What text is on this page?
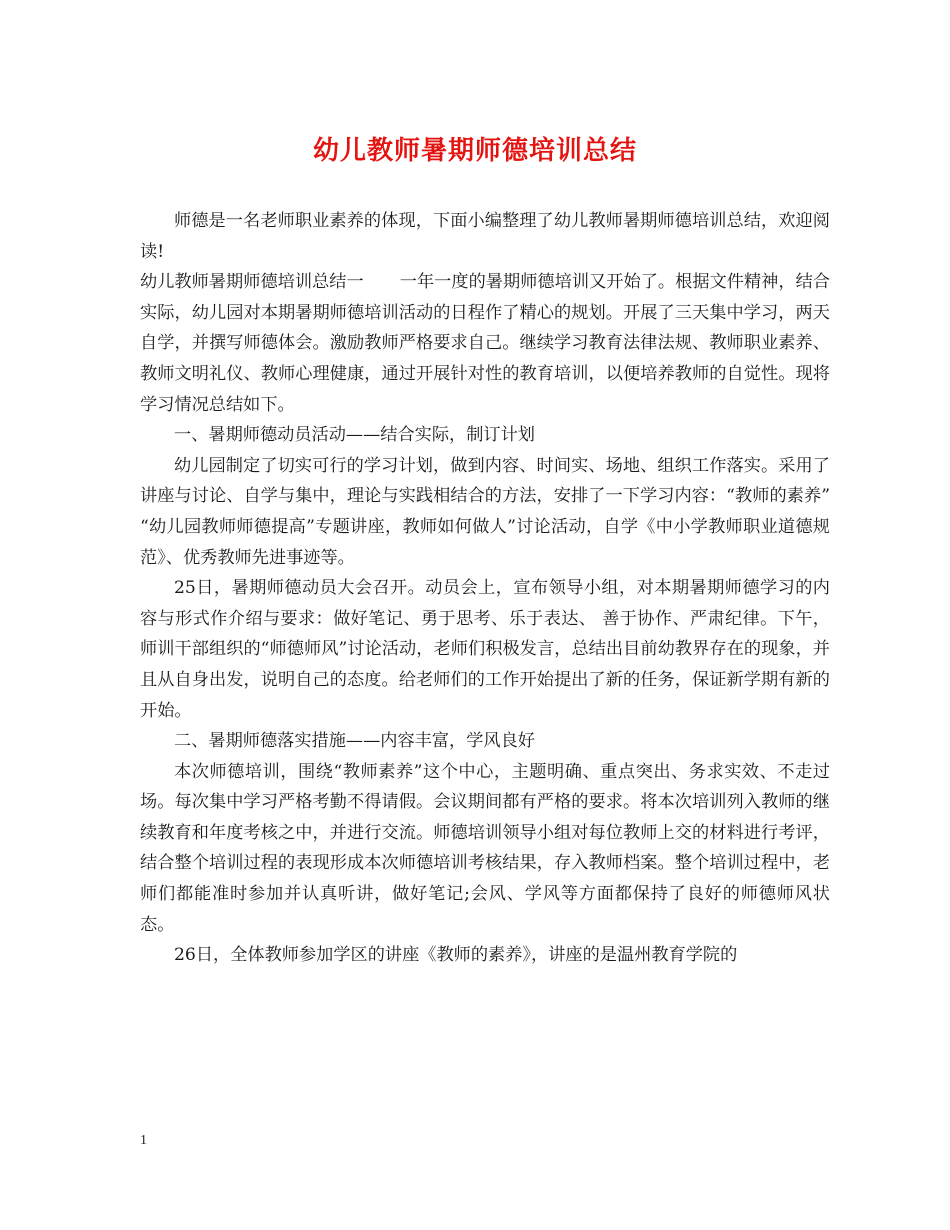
幼儿教师暑期师德培训总结

师德是一名老师职业素养的体现，下面小编整理了幼儿教师暑期师德培训总结，欢迎阅读!

幼儿教师暑期师德培训总结一 一年一度的暑期师德培训又开始了。根据文件精神，结合实际，幼儿园对本期暑期师德培训活动的日程作了精心的规划。开展了三天集中学习，两天自学，并撰写师德体会。激励教师严格要求自己。继续学习教育法律法规、教师职业素养、教师文明礼仪、教师心理健康，通过开展针对性的教育培训，以便培养教师的自觉性。现将学习情况总结如下。

一、暑期师德动员活动——结合实际，制订计划

幼儿园制定了切实可行的学习计划，做到内容、时间实、场地、组织工作落实。采用了讲座与讨论、自学与集中，理论与实践相结合的方法，安排了一下学习内容：“教师的素养” “幼儿园教师师德提高”专题讲座，教师如何做人”讨论活动，自学《中小学教师职业道德规范》、优秀教师先进事迹等。

25日，暑期师德动员大会召开。动员会上，宣布领导小组，对本期暑期师德学习的内容与形式作介绍与要求：做好笔记、勇于思考、乐于表达、 善于协作、严肃纪律。下午，师训干部组织的“师德师风”讨论活动，老师们积极发言，总结出目前幼教界存在的现象，并且从自身出发，说明自己的态度。给老师们的工作开始提出了新的任务，保证新学期有新的开始。

二、暑期师德落实措施——内容丰富，学风良好

本次师德培训，围绕“教师素养”这个中心，主题明确、重点突出、务求实效、不走过场。每次集中学习严格考勤不得请假。会议期间都有严格的要求。将本次培训列入教师的继续教育和年度考核之中，并进行交流。师德培训领导小组对每位教师上交的材料进行考评，结合整个培训过程的表现形成本次师德培训考核结果，存入教师档案。整个培训过程中，老师们都能准时参加并认真听讲，做好笔记;会风、学风等方面都保持了良好的师德师风状态。

26日，全体教师参加学区的讲座《教师的素养》，讲座的是温州教育学院的

1
